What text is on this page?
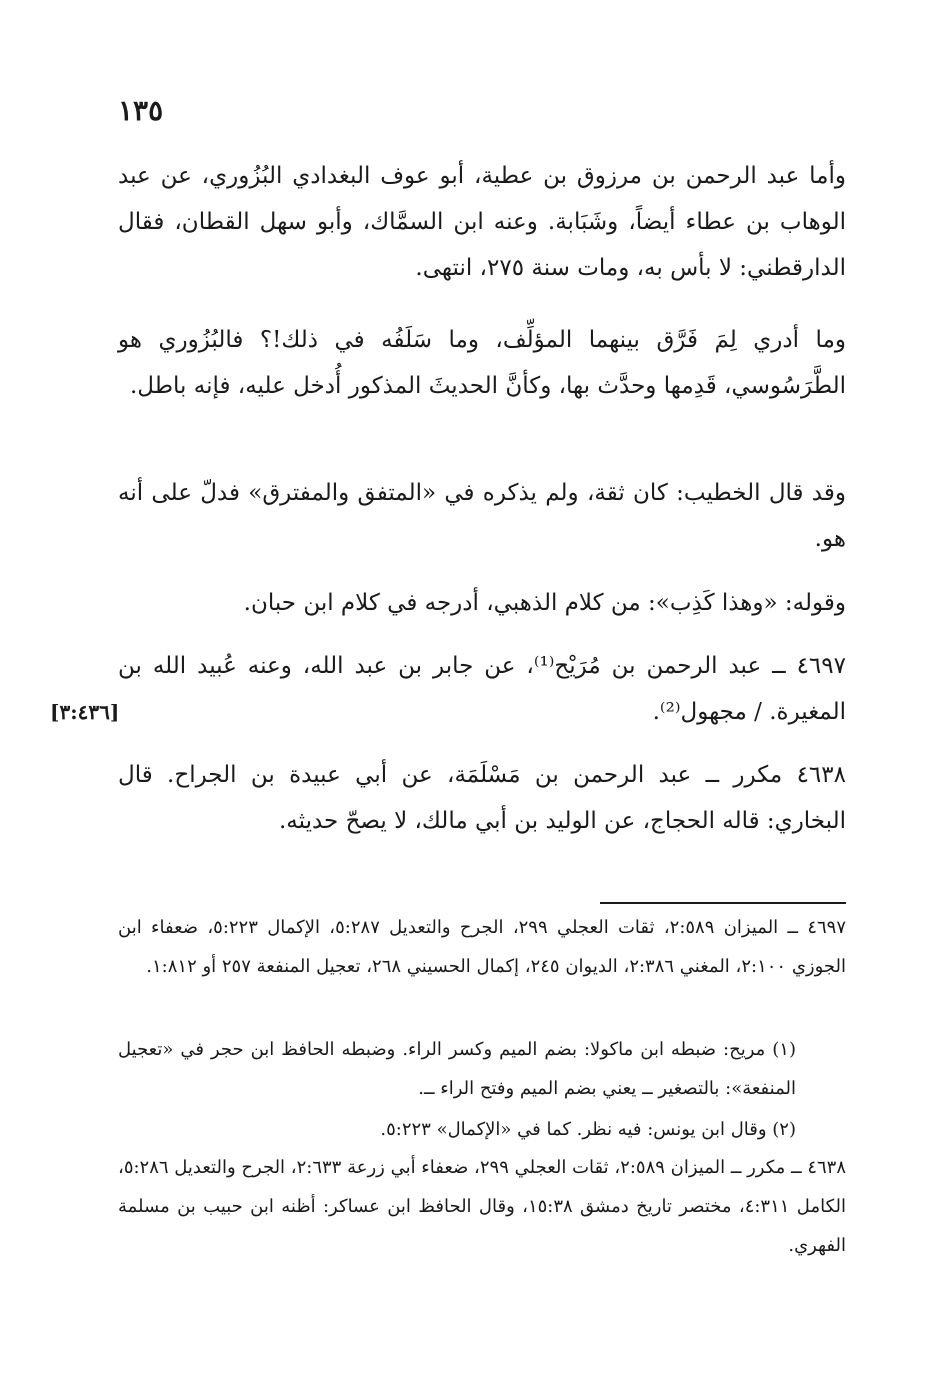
١٣٥
وأما عبد الرحمن بن مرزوق بن عطية، أبو عوف البغدادي البُزُوري، عن عبد الوهاب بن عطاء أيضاً، وشَبَابة. وعنه ابن السمَّاك، وأبو سهل القطان، فقال الدارقطني: لا بأس به، ومات سنة ٢٧٥، انتهى.
وما أدري لِمَ فَرَّق بينهما المؤلِّف، وما سَلَفُه في ذلك!؟ فالبُزُوري هو الطَّرَسُوسي، قَدِمها وحدَّث بها، وكأنَّ الحديثَ المذكور أُدخل عليه، فإنه باطل.
وقد قال الخطيب: كان ثقة، ولم يذكره في «المتفق والمفترق» فدلّ على أنه هو.
وقوله: «وهذا كَذِب»: من كلام الذهبي، أدرجه في كلام ابن حبان.
٤٦٩٧ ــ عبد الرحمن بن مُرَيْح⁽¹⁾، عن جابر بن عبد الله، وعنه عُبيد الله بن المغيرة. / مجهول⁽²⁾.
٤٦٣٨ مكرر ــ عبد الرحمن بن مَسْلَمَة، عن أبي عبيدة بن الجراح. قال البخاري: قاله الحجاج، عن الوليد بن أبي مالك، لا يصحّ حديثه.
[٣:٤٣٦]
٤٦٩٧ ــ الميزان ٢:٥٨٩، ثقات العجلي ٢٩٩، الجرح والتعديل ٥:٢٨٧، الإكمال ٥:٢٢٣، ضعفاء ابن الجوزي ٢:١٠٠، المغني ٢:٣٨٦، الديوان ٢٤٥، إكمال الحسيني ٢٦٨، تعجيل المنفعة ٢٥٧ أو ١:٨١٢.
(١) مريح: ضبطه ابن ماكولا: بضم الميم وكسر الراء. وضبطه الحافظ ابن حجر في «تعجيل المنفعة»: بالتصغير ــ يعني بضم الميم وفتح الراء ــ.
(٢) وقال ابن يونس: فيه نظر. كما في «الإكمال» ٥:٢٢٣.
٤٦٣٨ ــ مكرر ــ الميزان ٢:٥٨٩، ثقات العجلي ٢٩٩، ضعفاء أبي زرعة ٢:٦٣٣، الجرح والتعديل ٥:٢٨٦، الكامل ٤:٣١١، مختصر تاريخ دمشق ١٥:٣٨، وقال الحافظ ابن عساكر: أظنه ابن حبيب بن مسلمة الفهري.
